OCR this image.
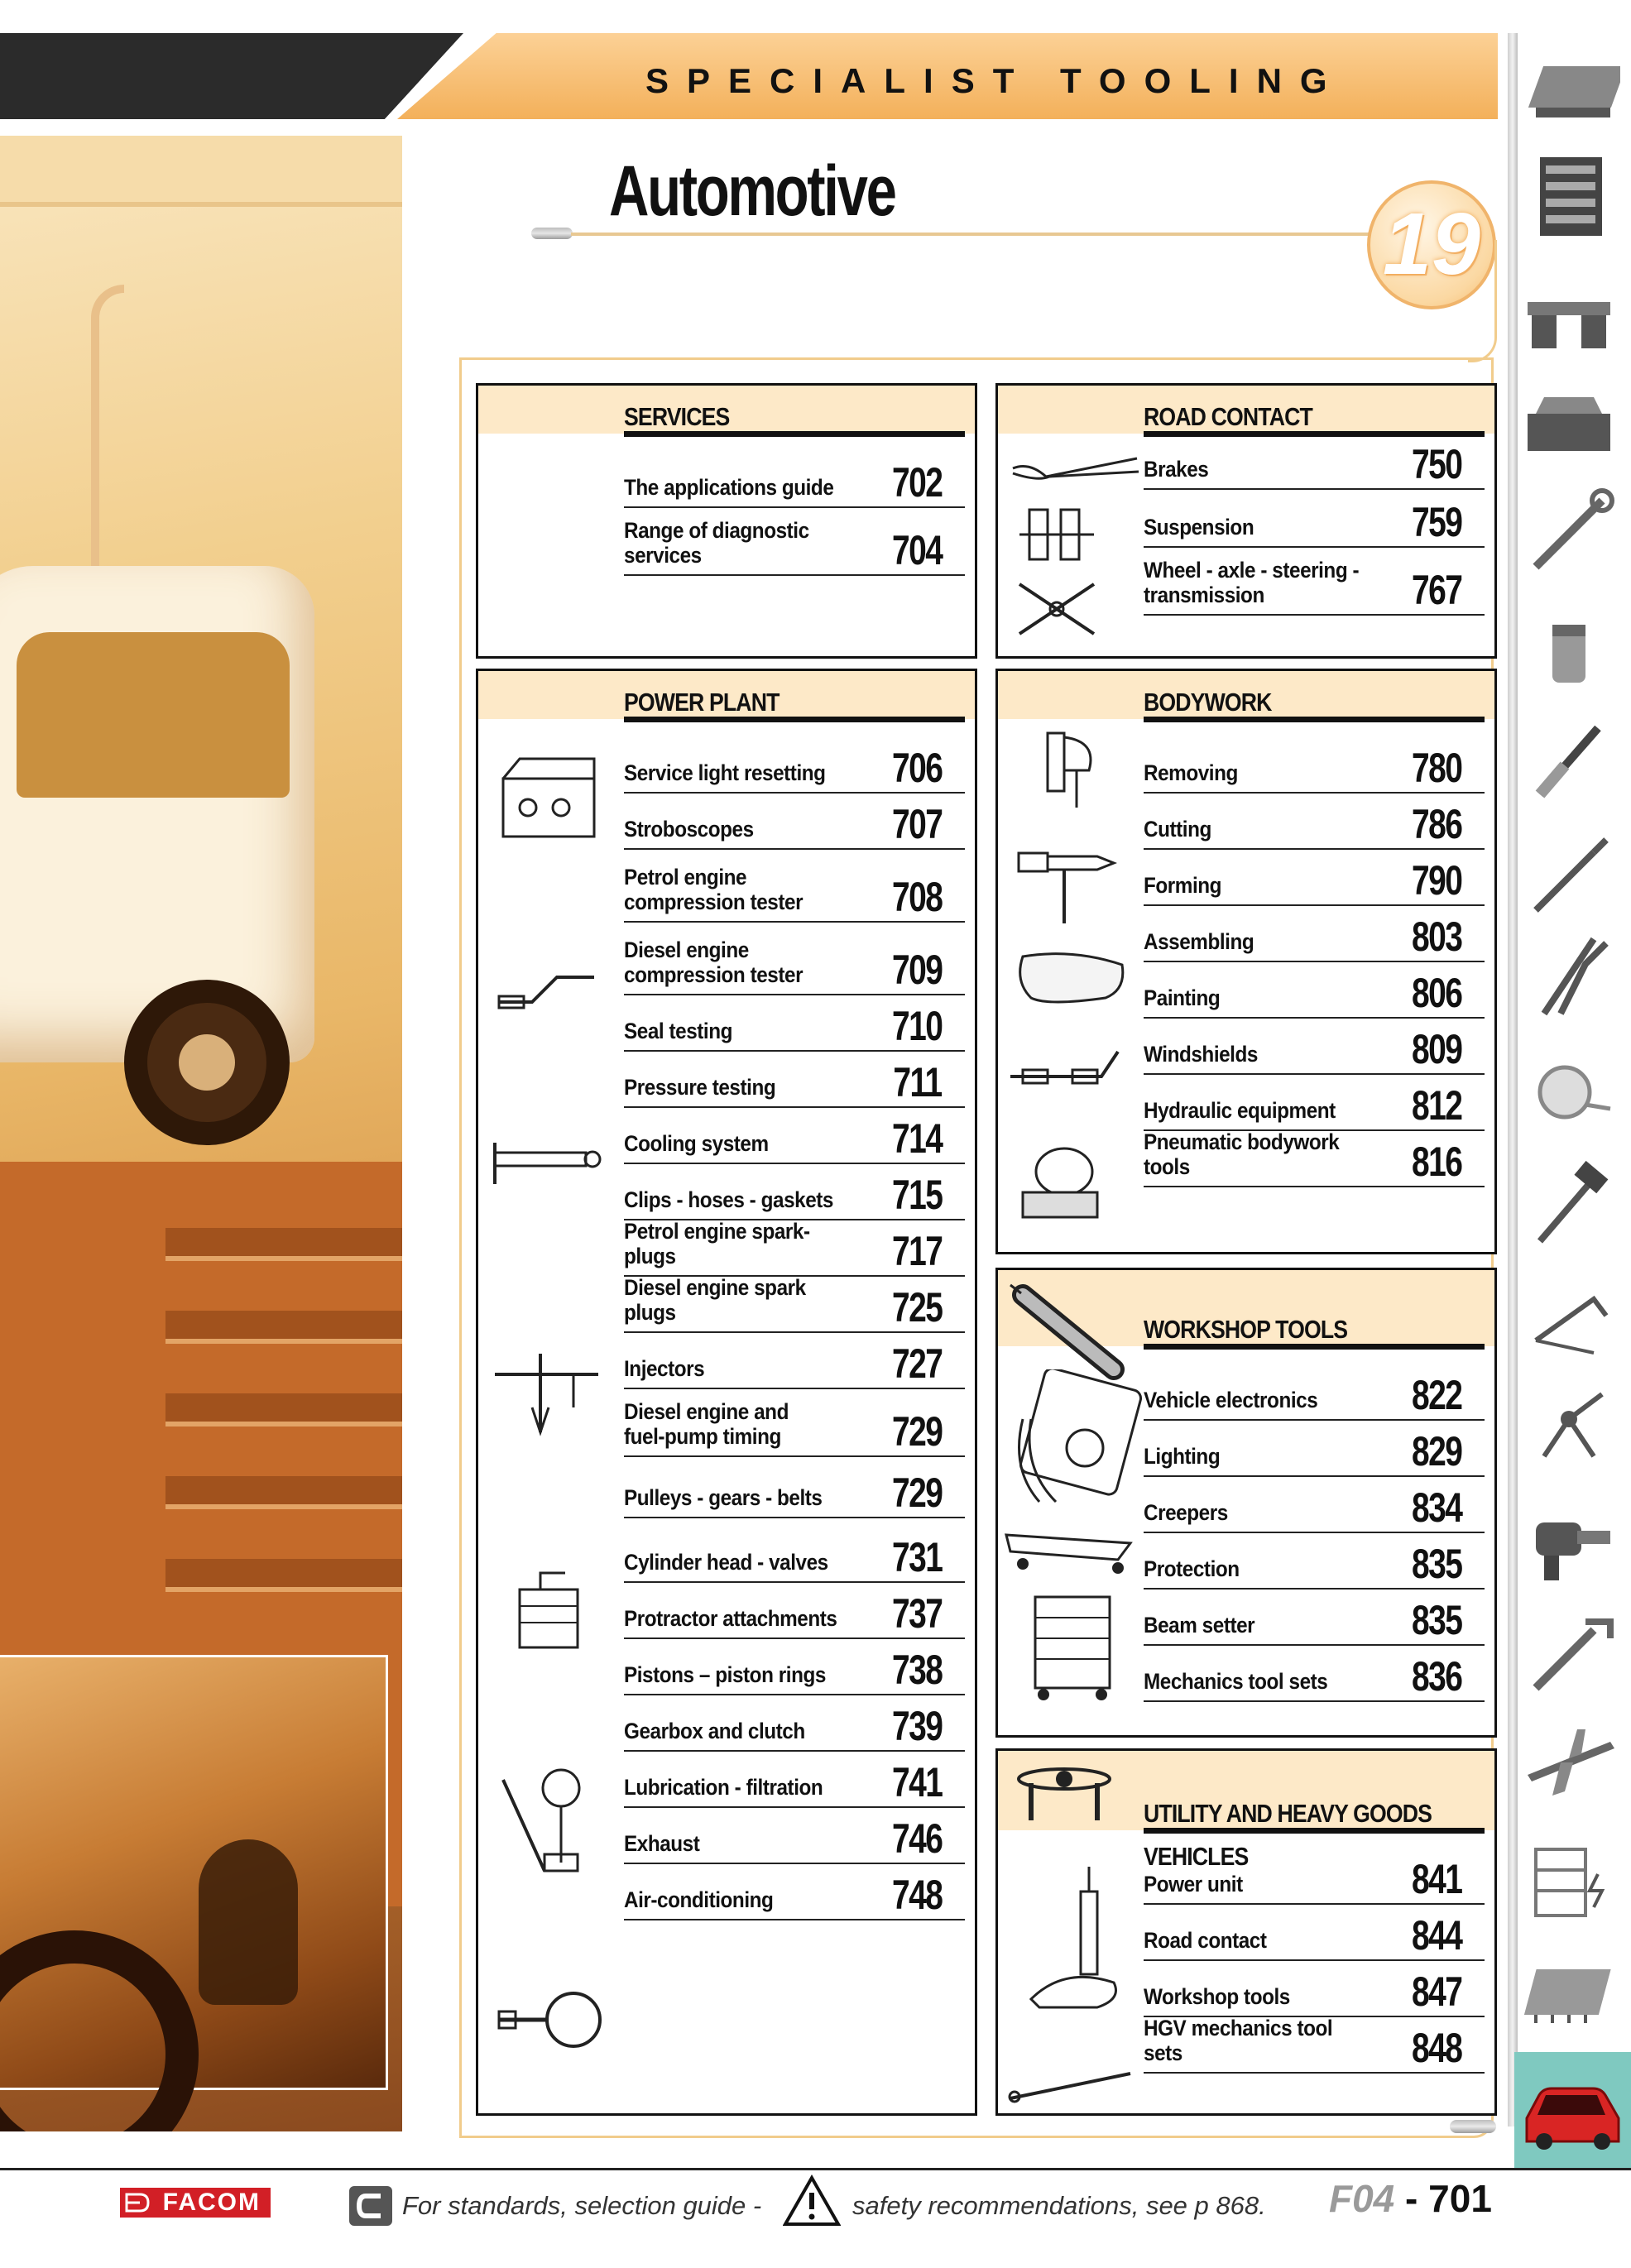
SPECIALIST TOOLING
Automotive
19
SERVICES
The applications guide	702
Range of diagnostic services	704
ROAD CONTACT
Brakes	750
Suspension	759
Wheel - axle - steering - transmission	767
POWER PLANT
Service light resetting	706
Stroboscopes	707
Petrol engine compression tester 708
Diesel engine compression tester 709
Seal testing	710
Pressure testing	711
Cooling system	714
Clips - hoses - gaskets	715
Petrol engine spark-plugs	717
Diesel engine spark plugs	725
Injectors	727
Diesel engine and fuel-pump timing	729
Pulleys - gears - belts	729
Cylinder head - valves	731
Protractor attachments 737
Pistons – piston rings	738
Gearbox and clutch	739
Lubrication - filtration	741
Exhaust	746
Air-conditioning	748
BODYWORK
Removing	780
Cutting	786
Forming	790
Assembling	803
Painting	806
Windshields	809
Hydraulic equipment	812
Pneumatic bodywork tools	816
WORKSHOP TOOLS
Vehicle electronics	822
Lighting	829
Creepers	834
Protection	835
Beam setter	835
Mechanics tool sets	836
UTILITY AND HEAVY GOODS VEHICLES
Power unit	841
Road contact	844
Workshop tools	847
HGV mechanics tool sets	848
FACOM	For standards, selection guide -	safety recommendations, see p 868. F04 - 701
